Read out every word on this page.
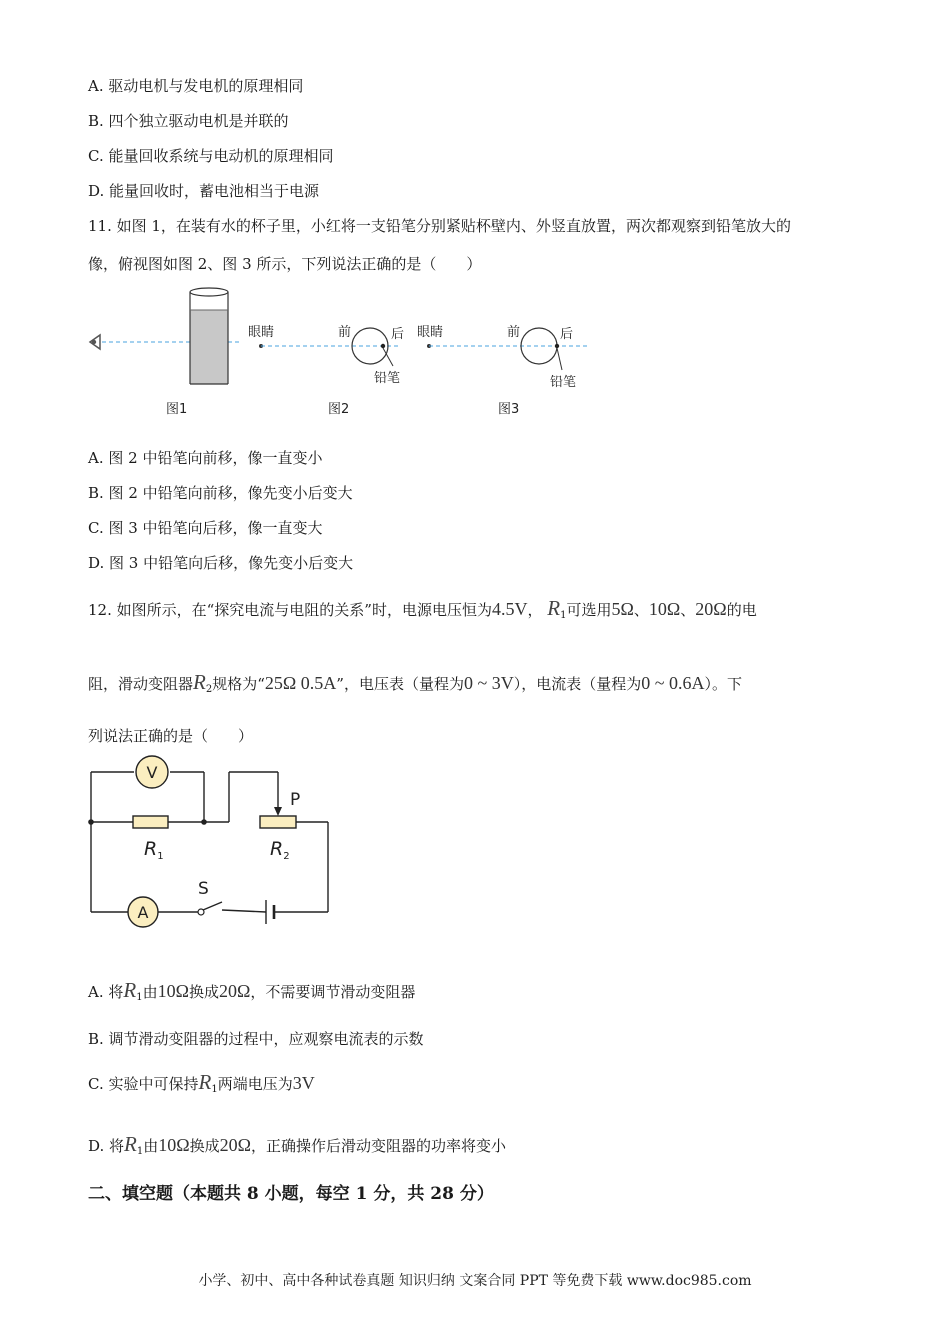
A. 驱动电机与发电机的原理相同
B. 四个独立驱动电机是并联的
C. 能量回收系统与电动机的原理相同
D. 能量回收时，蓄电池相当于电源
11. 如图 1，在装有水的杯子里，小红将一支铅笔分别紧贴杯壁内、外竖直放置，两次都观察到铅笔放大的
像，俯视图如图 2、图 3 所示，下列说法正确的是（　　）
图1
眼睛	前	后
铅笔
图2
眼睛	前	后
铅笔
图3
A. 图 2 中铅笔向前移，像一直变小
B. 图 2 中铅笔向前移，像先变小后变大
C. 图 3 中铅笔向后移，像一直变大
D. 图 3 中铅笔向后移，像先变小后变大
12. 如图所示，在“探究电流与电阻的关系”时，电源电压恒为4.5V， $R_1$可选用5Ω、10Ω、20Ω的电
阻，滑动变阻器$R_2$规格为“25Ω 0.5A”，电压表（量程为0 ~ 3V），电流表（量程为0 ~ 0.6A）。下
列说法正确的是（　　）
V
$R_1$
P
$R_2$
A
S
A. 将$R_1$由10Ω换成20Ω，不需要调节滑动变阻器
B. 调节滑动变阻器的过程中，应观察电流表的示数
C. 实验中可保持$R_1$两端电压为3V
D. 将$R_1$由10Ω换成20Ω，正确操作后滑动变阻器的功率将变小
二、填空题（本题共 8 小题，每空 1 分，共 28 分）
小学、初中、高中各种试卷真题 知识归纳 文案合同 PPT 等免费下载 www.doc985.com
